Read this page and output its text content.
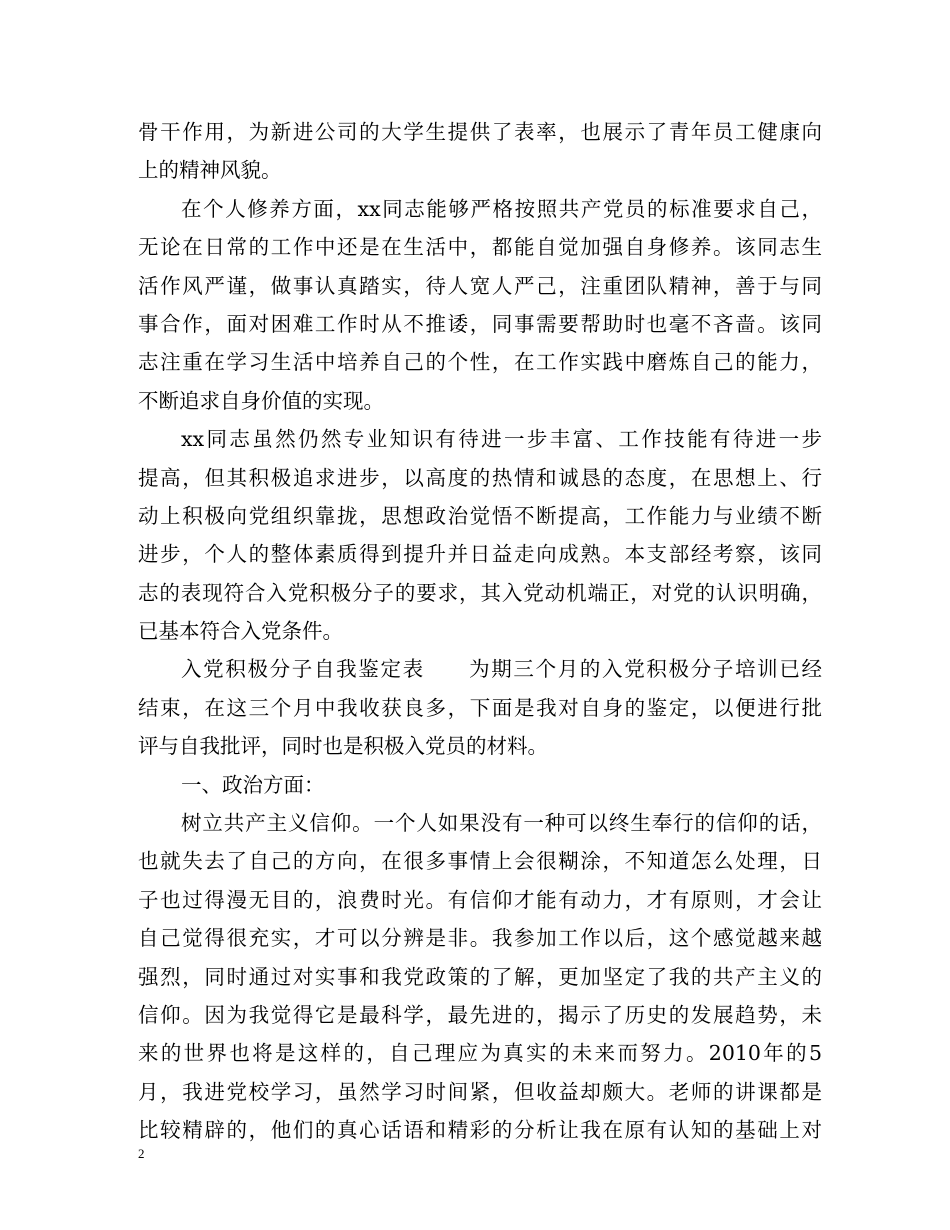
骨干作用，为新进公司的大学生提供了表率，也展示了青年员工健康向
上的精神风貌。
在个人修养方面，xx同志能够严格按照共产党员的标准要求自己，
无论在日常的工作中还是在生活中，都能自觉加强自身修养。该同志生
活作风严谨，做事认真踏实，待人宽人严己，注重团队精神，善于与同
事合作，面对困难工作时从不推诿，同事需要帮助时也毫不吝啬。该同
志注重在学习生活中培养自己的个性，在工作实践中磨炼自己的能力，
不断追求自身价值的实现。
xx同志虽然仍然专业知识有待进一步丰富、工作技能有待进一步
提高，但其积极追求进步，以高度的热情和诚恳的态度，在思想上、行
动上积极向党组织靠拢，思想政治觉悟不断提高，工作能力与业绩不断
进步，个人的整体素质得到提升并日益走向成熟。本支部经考察，该同
志的表现符合入党积极分子的要求，其入党动机端正，对党的认识明确，
已基本符合入党条件。
入党积极分子自我鉴定表　　为期三个月的入党积极分子培训已经
结束，在这三个月中我收获良多，下面是我对自身的鉴定，以便进行批
评与自我批评，同时也是积极入党员的材料。
一、政治方面：
树立共产主义信仰。一个人如果没有一种可以终生奉行的信仰的话，
也就失去了自己的方向，在很多事情上会很糊涂，不知道怎么处理，日
子也过得漫无目的，浪费时光。有信仰才能有动力，才有原则，才会让
自己觉得很充实，才可以分辨是非。我参加工作以后，这个感觉越来越
强烈，同时通过对实事和我党政策的了解，更加坚定了我的共产主义的
信仰。因为我觉得它是最科学，最先进的，揭示了历史的发展趋势，未
来的世界也将是这样的，自己理应为真实的未来而努力。2010年的5
月，我进党校学习，虽然学习时间紧，但收益却颇大。老师的讲课都是
比较精辟的，他们的真心话语和精彩的分析让我在原有认知的基础上对
2
